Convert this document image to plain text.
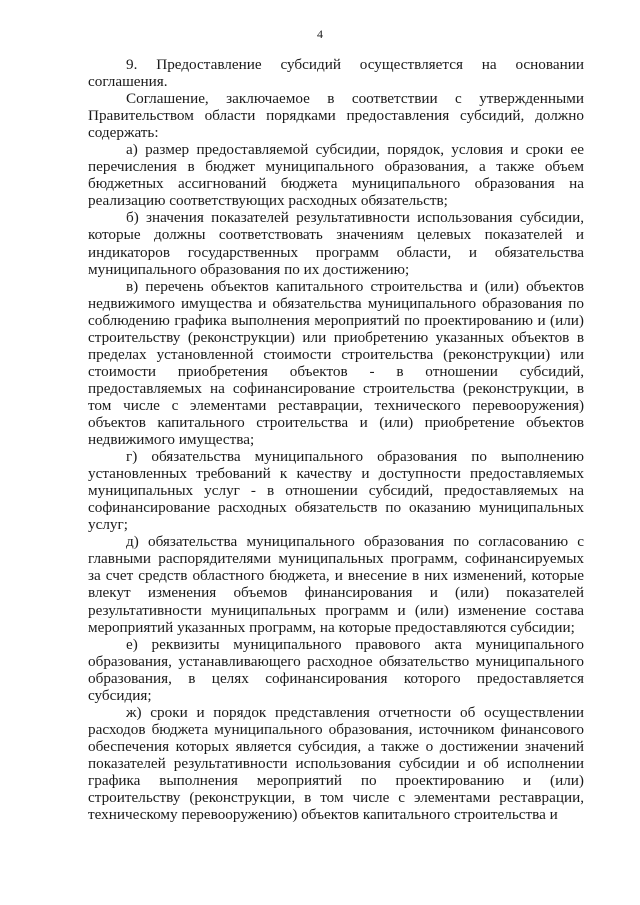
4

9. Предоставление субсидий осуществляется на основании соглашения.

Соглашение, заключаемое в соответствии с утвержденными Правительством области порядками предоставления субсидий, должно содержать:

а) размер предоставляемой субсидии, порядок, условия и сроки ее перечисления в бюджет муниципального образования, а также объем бюджетных ассигнований бюджета муниципального образования на реализацию соответствующих расходных обязательств;

б) значения показателей результативности использования субсидии, которые должны соответствовать значениям целевых показателей и индикаторов государственных программ области, и обязательства муниципального образования по их достижению;

в) перечень объектов капитального строительства и (или) объектов недвижимого имущества и обязательства муниципального образования по соблюдению графика выполнения мероприятий по проектированию и (или) строительству (реконструкции) или приобретению указанных объектов в пределах установленной стоимости строительства (реконструкции) или стоимости приобретения объектов - в отношении субсидий, предоставляемых на софинансирование строительства (реконструкции, в том числе с элементами реставрации, технического перевооружения) объектов капитального строительства и (или) приобретение объектов недвижимого имущества;

г) обязательства муниципального образования по выполнению установленных требований к качеству и доступности предоставляемых муниципальных услуг - в отношении субсидий, предоставляемых на софинансирование расходных обязательств по оказанию муниципальных услуг;

д) обязательства муниципального образования по согласованию с главными распорядителями муниципальных программ, софинансируемых за счет средств областного бюджета, и внесение в них изменений, которые влекут изменения объемов финансирования и (или) показателей результативности муниципальных программ и (или) изменение состава мероприятий указанных программ, на которые предоставляются субсидии;

е) реквизиты муниципального правового акта муниципального образования, устанавливающего расходное обязательство муниципального образования, в целях софинансирования которого предоставляется субсидия;

ж) сроки и порядок представления отчетности об осуществлении расходов бюджета муниципального образования, источником финансового обеспечения которых является субсидия, а также о достижении значений показателей результативности использования субсидии и об исполнении графика выполнения мероприятий по проектированию и (или) строительству (реконструкции, в том числе с элементами реставрации, техническому перевооружению) объектов капитального строительства и
